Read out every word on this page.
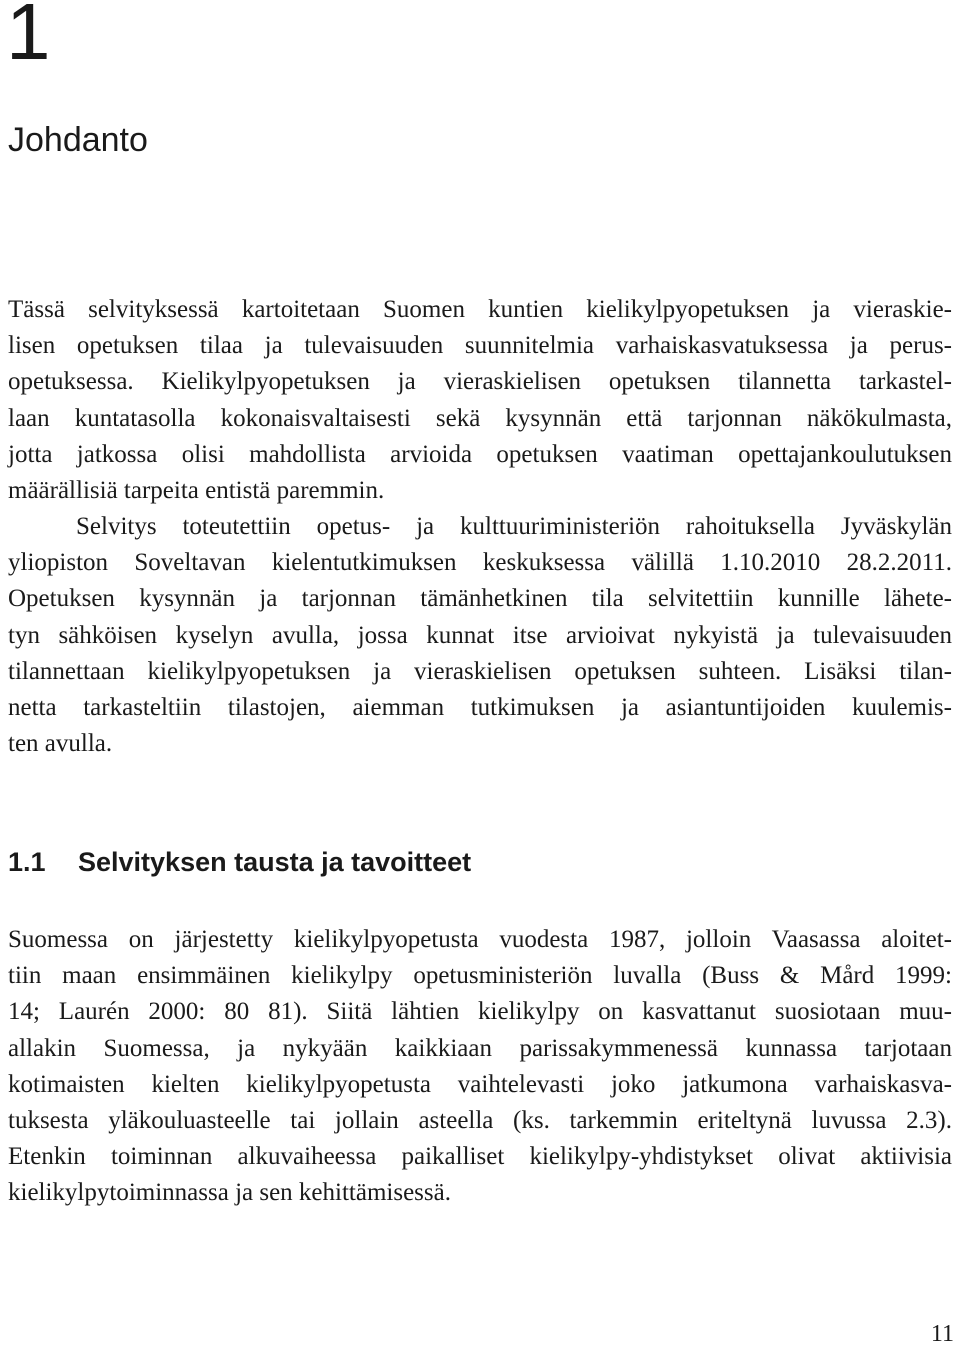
1
Johdanto

Tässä selvityksessä kartoitetaan Suomen kuntien kielikylpyopetuksen ja vieraskie-
lisen opetuksen tilaa ja tulevaisuuden suunnitelmia varhaiskasvatuksessa ja perus-
opetuksessa. Kielikylpyopetuksen ja vieraskielisen opetuksen tilannetta tarkastel-
laan kuntatasolla kokonaisvaltaisesti sekä kysynnän että tarjonnan näkökulmasta,
jotta jatkossa olisi mahdollista arvioida opetuksen vaatiman opettajankoulutuksen
määrällisiä tarpeita entistä paremmin.

Selvitys toteutettiin opetus- ja kulttuuriministeriön rahoituksella Jyväskylän
yliopiston Soveltavan kielentutkimuksen keskuksessa välillä 1.10.2010 28.2.2011.
Opetuksen kysynnän ja tarjonnan tämänhetkinen tila selvitettiin kunnille lähete-
tyn sähköisen kyselyn avulla, jossa kunnat itse arvioivat nykyistä ja tulevaisuuden
tilannettaan kielikylpyopetuksen ja vieraskielisen opetuksen suhteen. Lisäksi tilan-
netta tarkasteltiin tilastojen, aiemman tutkimuksen ja asiantuntijoiden kuulemis-
ten avulla.

1.1 Selvityksen tausta ja tavoitteet

Suomessa on järjestetty kielikylpyopetusta vuodesta 1987, jolloin Vaasassa aloitet-
tiin maan ensimmäinen kielikylpy opetusministeriön luvalla (Buss & Mård 1999:
14; Laurén 2000: 80 81). Siitä lähtien kielikylpy on kasvattanut suosiotaan muu-
allakin Suomessa, ja nykyään kaikkiaan parissakymmenessä kunnassa tarjotaan
kotimaisten kielten kielikylpyopetusta vaihtelevasti joko jatkumona varhaiskasva-
tuksesta yläkouluasteelle tai jollain asteella (ks. tarkemmin eriteltynä luvussa 2.3).
Etenkin toiminnan alkuvaiheessa paikalliset kielikylpy-yhdistykset olivat aktiivisia
kielikylpytoiminnassa ja sen kehittämisessä.

11
